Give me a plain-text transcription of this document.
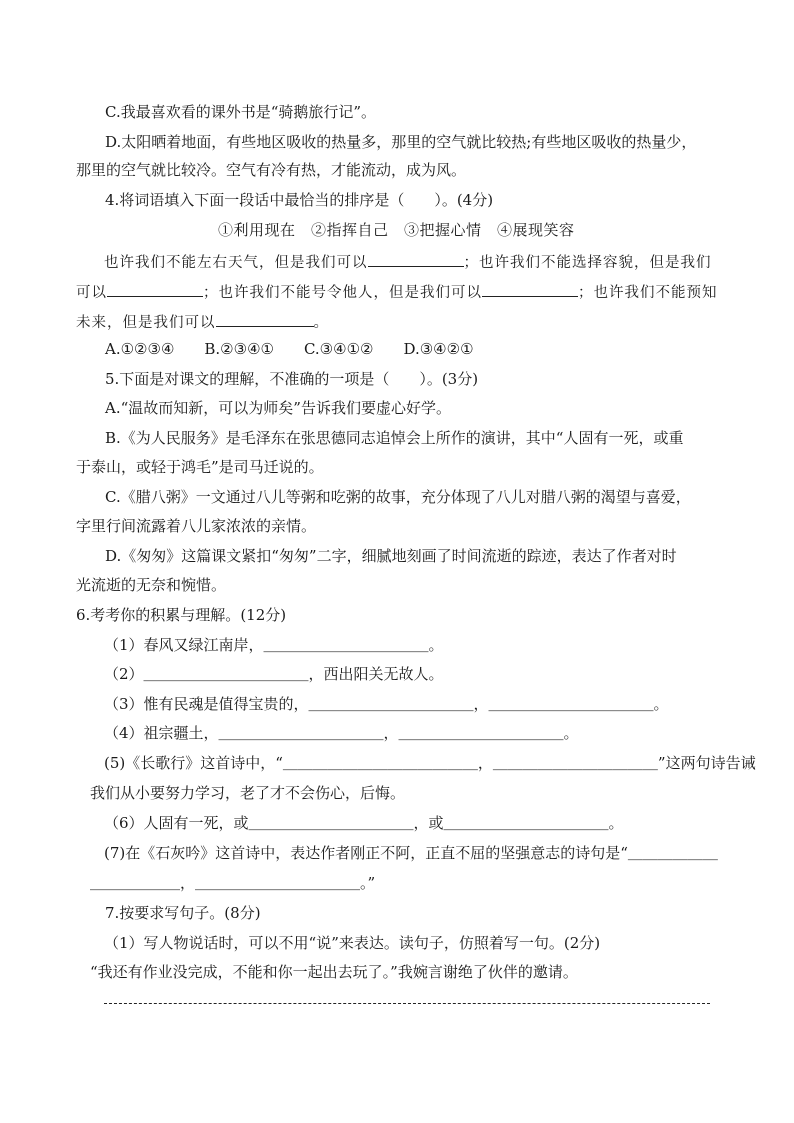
C.我最喜欢看的课外书是“骑鹅旅行记”。
D.太阳晒着地面，有些地区吸收的热量多，那里的空气就比较热;有些地区吸收的热量少，
那里的空气就比较冷。空气有冷有热，才能流动，成为风。
4.将词语填入下面一段话中最恰当的排序是（　　）。(4分)
①利用现在　②指挥自己　③把握心情　④展现笑容
也许我们不能左右天气，但是我们可以	；也许我们不能选择容貌，但是我们
可以	；也许我们不能号令他人，但是我们可以	；也许我们不能预知
未来，但是我们可以	。
A.①②③④　　B.②③④①　　C.③④①②　　D.③④②①
5.下面是对课文的理解，不准确的一项是（　　）。(3分)
A.“温故而知新，可以为师矣”告诉我们要虚心好学。
B.《为人民服务》是毛泽东在张思德同志追悼会上所作的演讲，其中“人固有一死，或重
于泰山，或轻于鸿毛”是司马迁说的。
C.《腊八粥》一文通过八儿等粥和吃粥的故事，充分体现了八儿对腊八粥的渴望与喜爱，
字里行间流露着八儿家浓浓的亲情。
D.《匆匆》这篇课文紧扣“匆匆”二字，细腻地刻画了时间流逝的踪迹，表达了作者对时
光流逝的无奈和惋惜。
6.考考你的积累与理解。(12分)
（1）春风又绿江南岸，＿＿＿＿＿＿＿＿＿＿＿。
（2）＿＿＿＿＿＿＿＿＿＿＿，西出阳关无故人。
（3）惟有民魂是值得宝贵的，＿＿＿＿＿＿＿＿＿＿＿，＿＿＿＿＿＿＿＿＿＿＿。
（4）祖宗疆土，＿＿＿＿＿＿＿＿＿＿＿，＿＿＿＿＿＿＿＿＿＿＿。
(5)《长歌行》这首诗中，“＿＿＿＿＿＿＿＿＿＿＿＿＿，＿＿＿＿＿＿＿＿＿＿＿”这两句诗告诫
我们从小要努力学习，老了才不会伤心，后悔。
（6）人固有一死，或＿＿＿＿＿＿＿＿＿＿＿，或＿＿＿＿＿＿＿＿＿＿＿。
(7)在《石灰吟》这首诗中，表达作者刚正不阿，正直不屈的坚强意志的诗句是“＿＿＿＿＿＿
＿＿＿＿＿＿，＿＿＿＿＿＿＿＿＿＿＿。”
7.按要求写句子。(8分)
（1）写人物说话时，可以不用“说”来表达。读句子，仿照着写一句。(2分)
“我还有作业没完成，不能和你一起出去玩了。”我婉言谢绝了伙伴的邀请。
